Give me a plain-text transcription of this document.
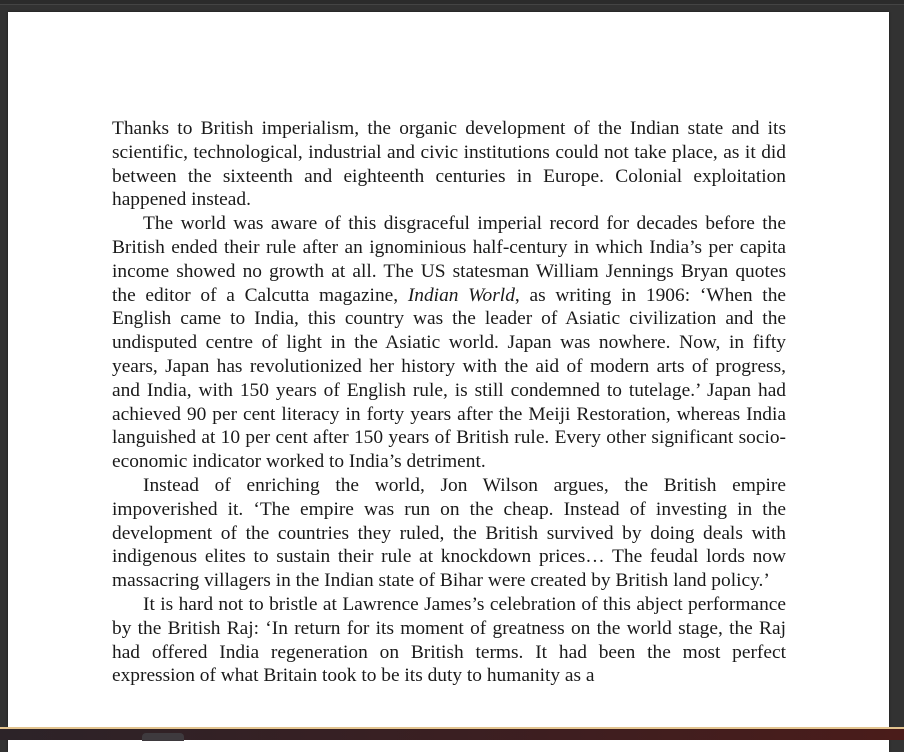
Thanks to British imperialism, the organic development of the Indian state and its scientific, technological, industrial and civic institutions could not take place, as it did between the sixteenth and eighteenth centuries in Europe. Colonial exploitation happened instead.

The world was aware of this disgraceful imperial record for decades before the British ended their rule after an ignominious half-century in which India’s per capita income showed no growth at all. The US statesman William Jennings Bryan quotes the editor of a Calcutta magazine, Indian World, as writing in 1906: ‘When the English came to India, this country was the leader of Asiatic civilization and the undisputed centre of light in the Asiatic world. Japan was nowhere. Now, in fifty years, Japan has revolutionized her history with the aid of modern arts of progress, and India, with 150 years of English rule, is still condemned to tutelage.’ Japan had achieved 90 per cent literacy in forty years after the Meiji Restoration, whereas India languished at 10 per cent after 150 years of British rule. Every other significant socio-economic indicator worked to India’s detriment.

Instead of enriching the world, Jon Wilson argues, the British empire impoverished it. ‘The empire was run on the cheap. Instead of investing in the development of the countries they ruled, the British survived by doing deals with indigenous elites to sustain their rule at knockdown prices… The feudal lords now massacring villagers in the Indian state of Bihar were created by British land policy.’

It is hard not to bristle at Lawrence James’s celebration of this abject performance by the British Raj: ‘In return for its moment of greatness on the world stage, the Raj had offered India regeneration on British terms. It had been the most perfect expression of what Britain took to be its duty to humanity as a
